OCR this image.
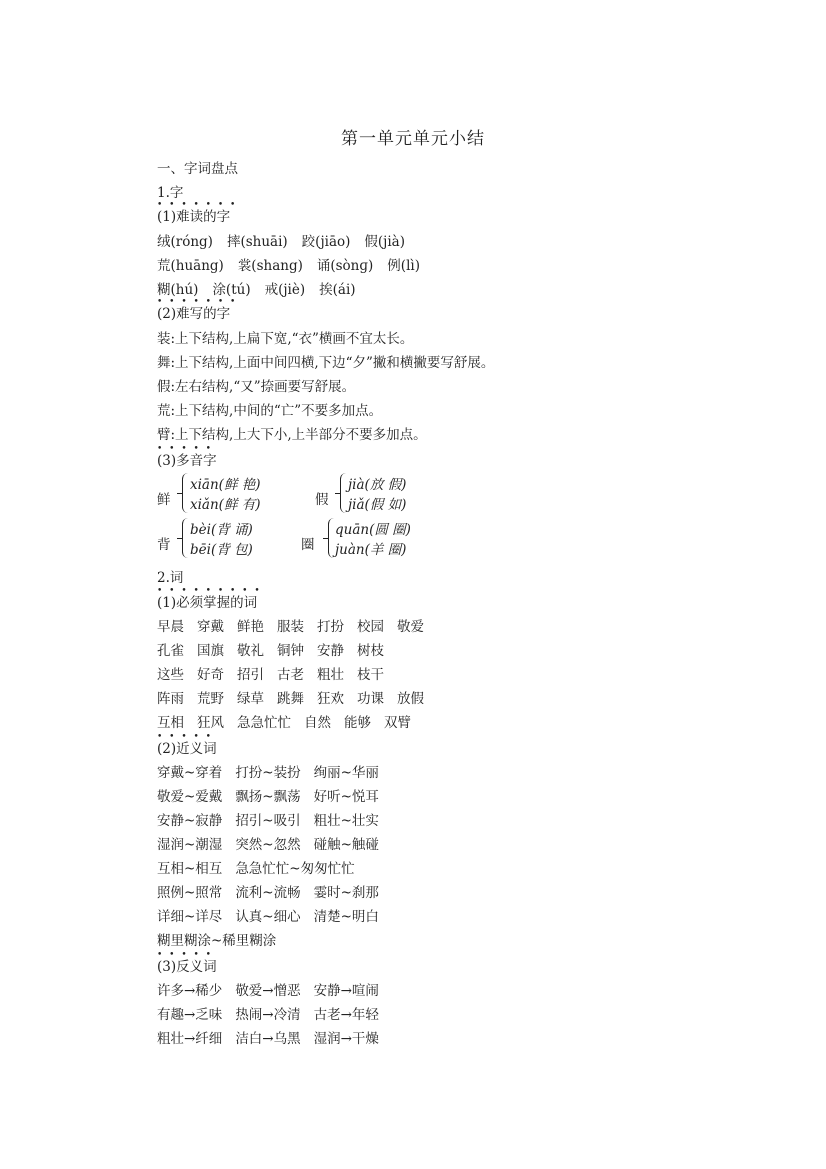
第一单元单元小结
一、字词盘点
1.字
• • • • • • •
(1)难读的字
绒(róng) 摔(shuāi) 跤(jiāo) 假(jià)
荒(huāng) 裳(shang) 诵(sònɡ) 例(lì)
糊(hú) 涂(tú) 戒(jiè) 挨(ái)
• • • • • • •
(2)难写的字
装:上下结构,上扁下宽,“衣”横画不宜太长。
舞:上下结构,上面中间四横,下边“夕”撇和横撇要写舒展。
假:左右结构,“又”捺画要写舒展。
荒:上下结构,中间的“亡”不要多加点。
臂:上下结构,上大下小,上半部分不要多加点。
• • • • •
(3)多音字
鲜
xiān(鲜 艳)
xiǎn(鲜 有)	假
jià(放 假)
jiǎ(假 如)
背
bèi(背 诵)
bēi(背 包)	圈
quān(圆 圈)
juàn(羊 圈)
2.词
• • • • • • • • •
(1)必须掌握的词
早晨 穿戴 鲜艳 服装 打扮 校园 敬爱
孔雀 国旗 敬礼 铜钟 安静 树枝
这些 好奇 招引 古老 粗壮 枝干
阵雨 荒野 绿草 跳舞 狂欢 功课 放假
互相 狂风 急急忙忙 自然 能够 双臂
• • • • •
(2)近义词
穿戴~穿着 打扮~装扮 绚丽~华丽
敬爱~爱戴 飘扬~飘荡 好听~悦耳
安静~寂静 招引~吸引 粗壮~壮实
湿润~潮湿 突然~忽然 碰触~触碰
互相~相互 急急忙忙~匆匆忙忙
照例~照常 流利~流畅 霎时~刹那
详细~详尽 认真~细心 清楚~明白
糊里糊涂~稀里糊涂
• • • • •
(3)反义词
许多→稀少 敬爱→憎恶 安静→喧闹
有趣→乏味 热闹→冷清 古老→年轻
粗壮→纤细 洁白→乌黑 湿润→干燥
